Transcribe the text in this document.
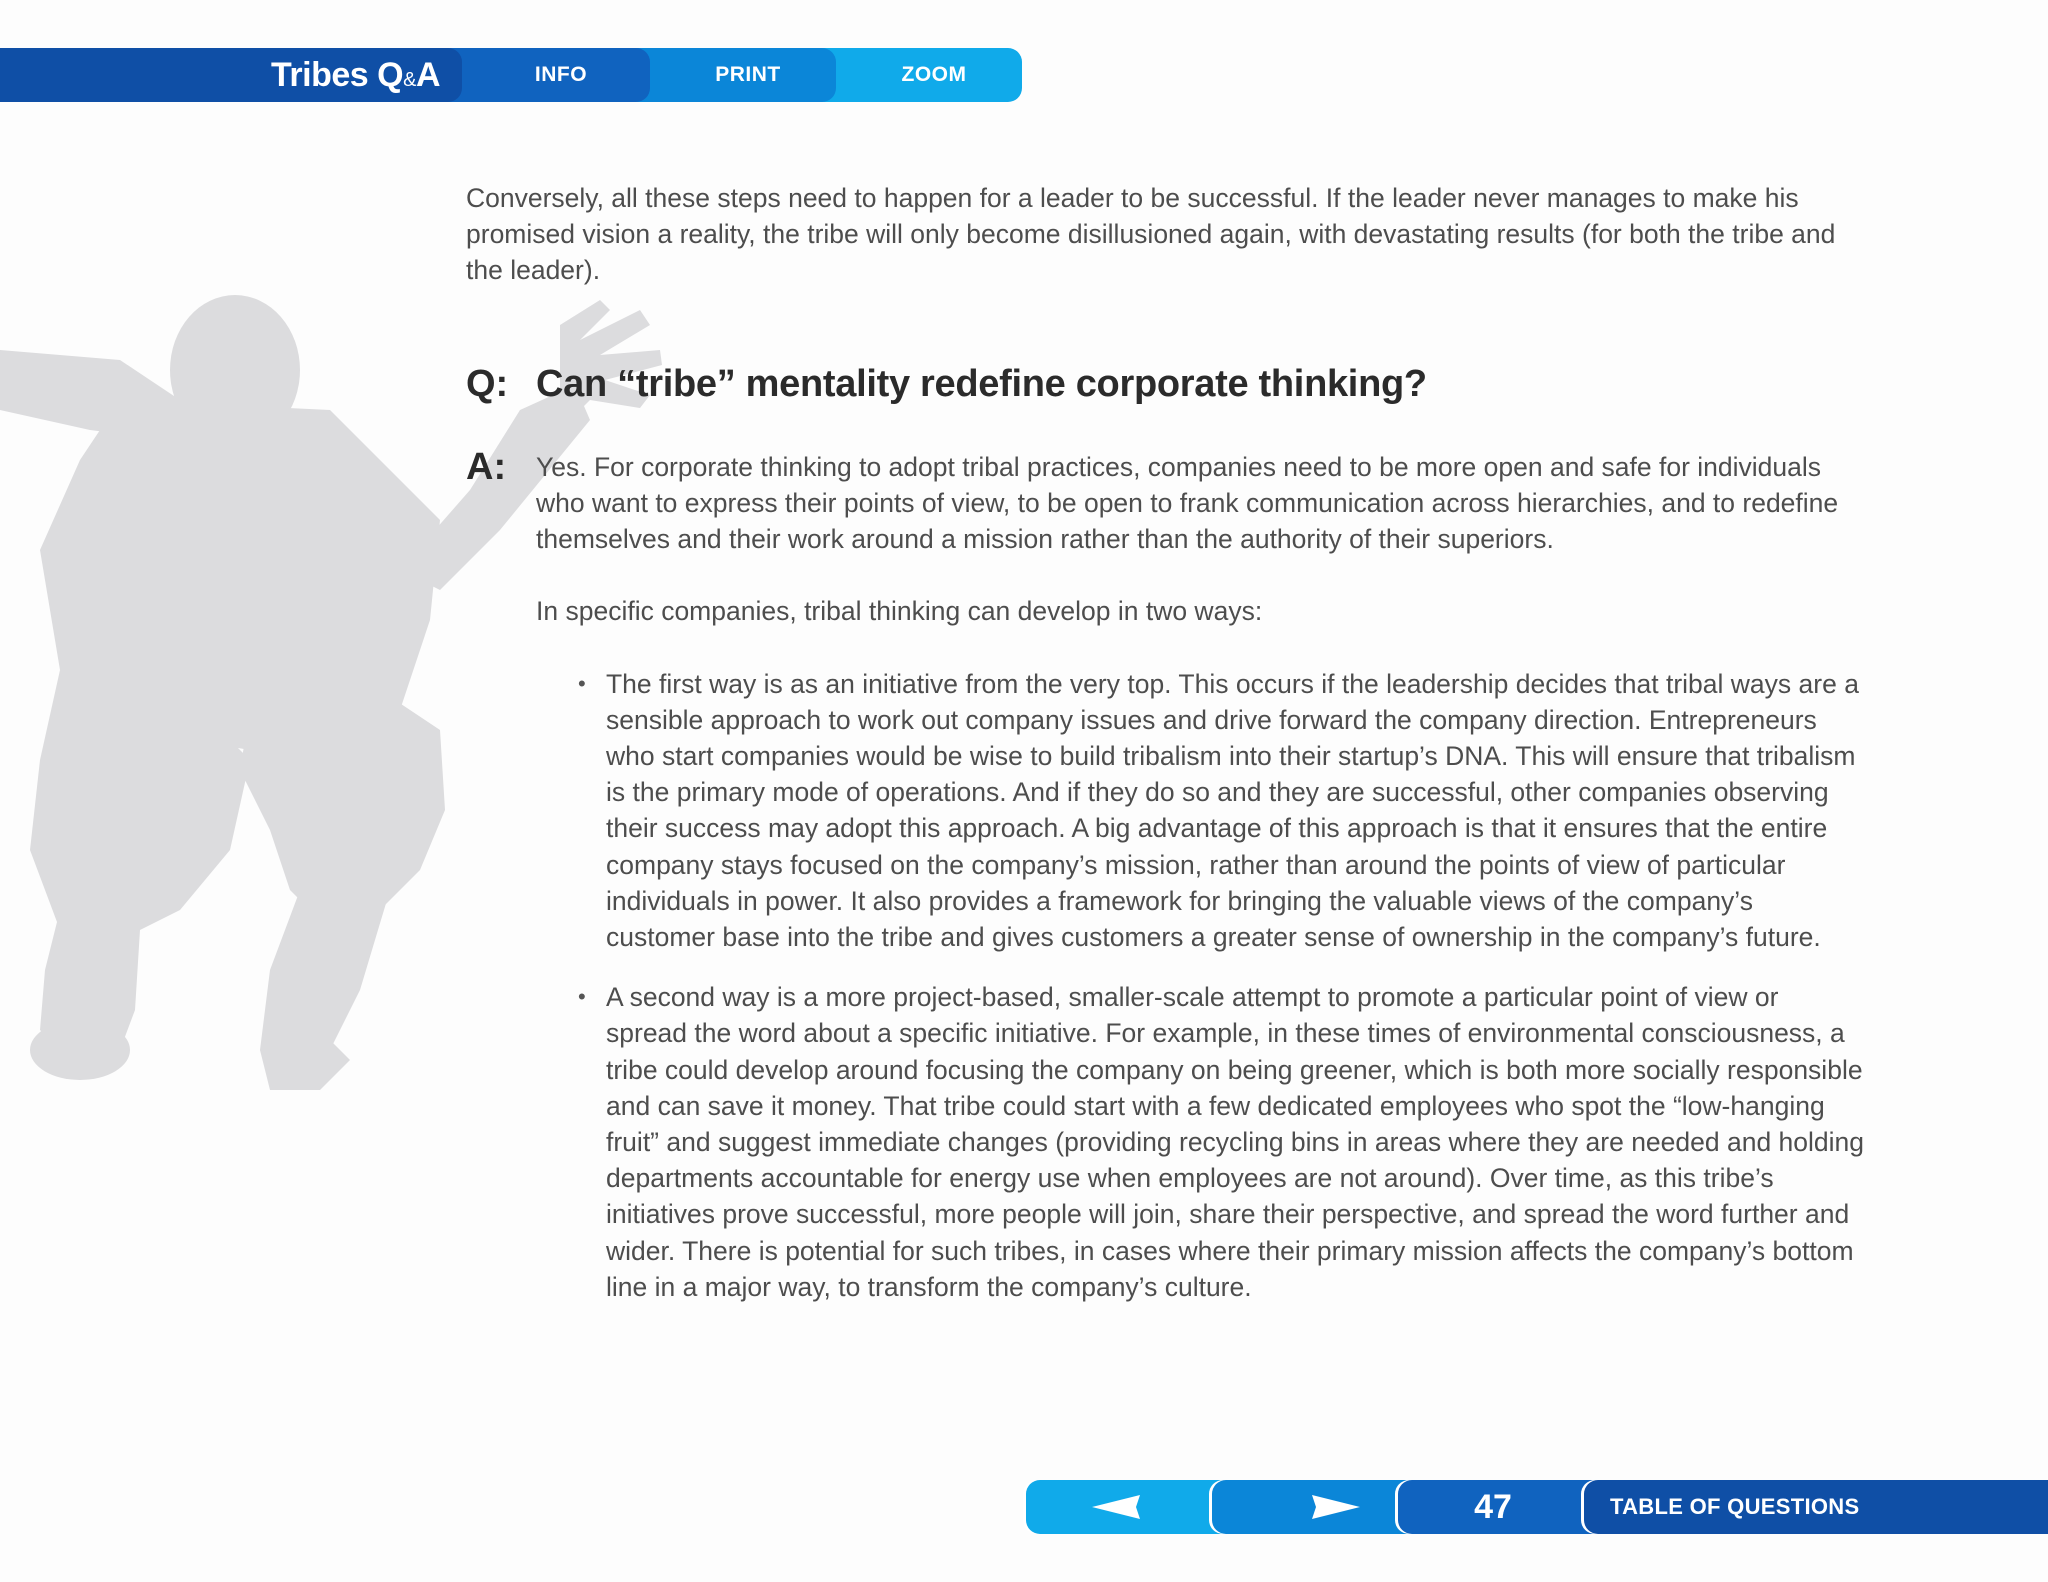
Tribes Q&A	INFO	PRINT	ZOOM

Conversely, all these steps need to happen for a leader to be successful. If the leader never manages to make his promised vision a reality, the tribe will only become disillusioned again, with devastating results (for both the tribe and the leader).

Q: Can “tribe” mentality redefine corporate thinking?
A:	Yes. For corporate thinking to adopt tribal practices, companies need to be more open and safe for individuals who want to express their points of view, to be open to frank communication across hierarchies, and to redefine themselves and their work around a mission rather than the authority of their superiors.

In specific companies, tribal thinking can develop in two ways:

• The first way is as an initiative from the very top. This occurs if the leadership decides that tribal ways are a sensible approach to work out company issues and drive forward the company direction. Entrepreneurs who start companies would be wise to build tribalism into their startup’s DNA. This will ensure that tribalism is the primary mode of operations. And if they do so and they are successful, other companies observing their success may adopt this approach. A big advantage of this approach is that it ensures that the entire company stays focused on the company’s mission, rather than around the points of view of particular individuals in power. It also provides a framework for bringing the valuable views of the company’s customer base into the tribe and gives customers a greater sense of ownership in the company’s future.
• A second way is a more project-based, smaller-scale attempt to promote a particular point of view or spread the word about a specific initiative. For example, in these times of environmental consciousness, a tribe could develop around focusing the company on being greener, which is both more socially responsible and can save it money. That tribe could start with a few dedicated employees who spot the “low-hanging fruit” and suggest immediate changes (providing recycling bins in areas where they are needed and holding departments accountable for energy use when employees are not around). Over time, as this tribe’s initiatives prove successful, more people will join, share their perspective, and spread the word further and wider. There is potential for such tribes, in cases where their primary mission affects the company’s bottom line in a major way, to transform the company’s culture.
47	TABLE OF QUESTIONS
